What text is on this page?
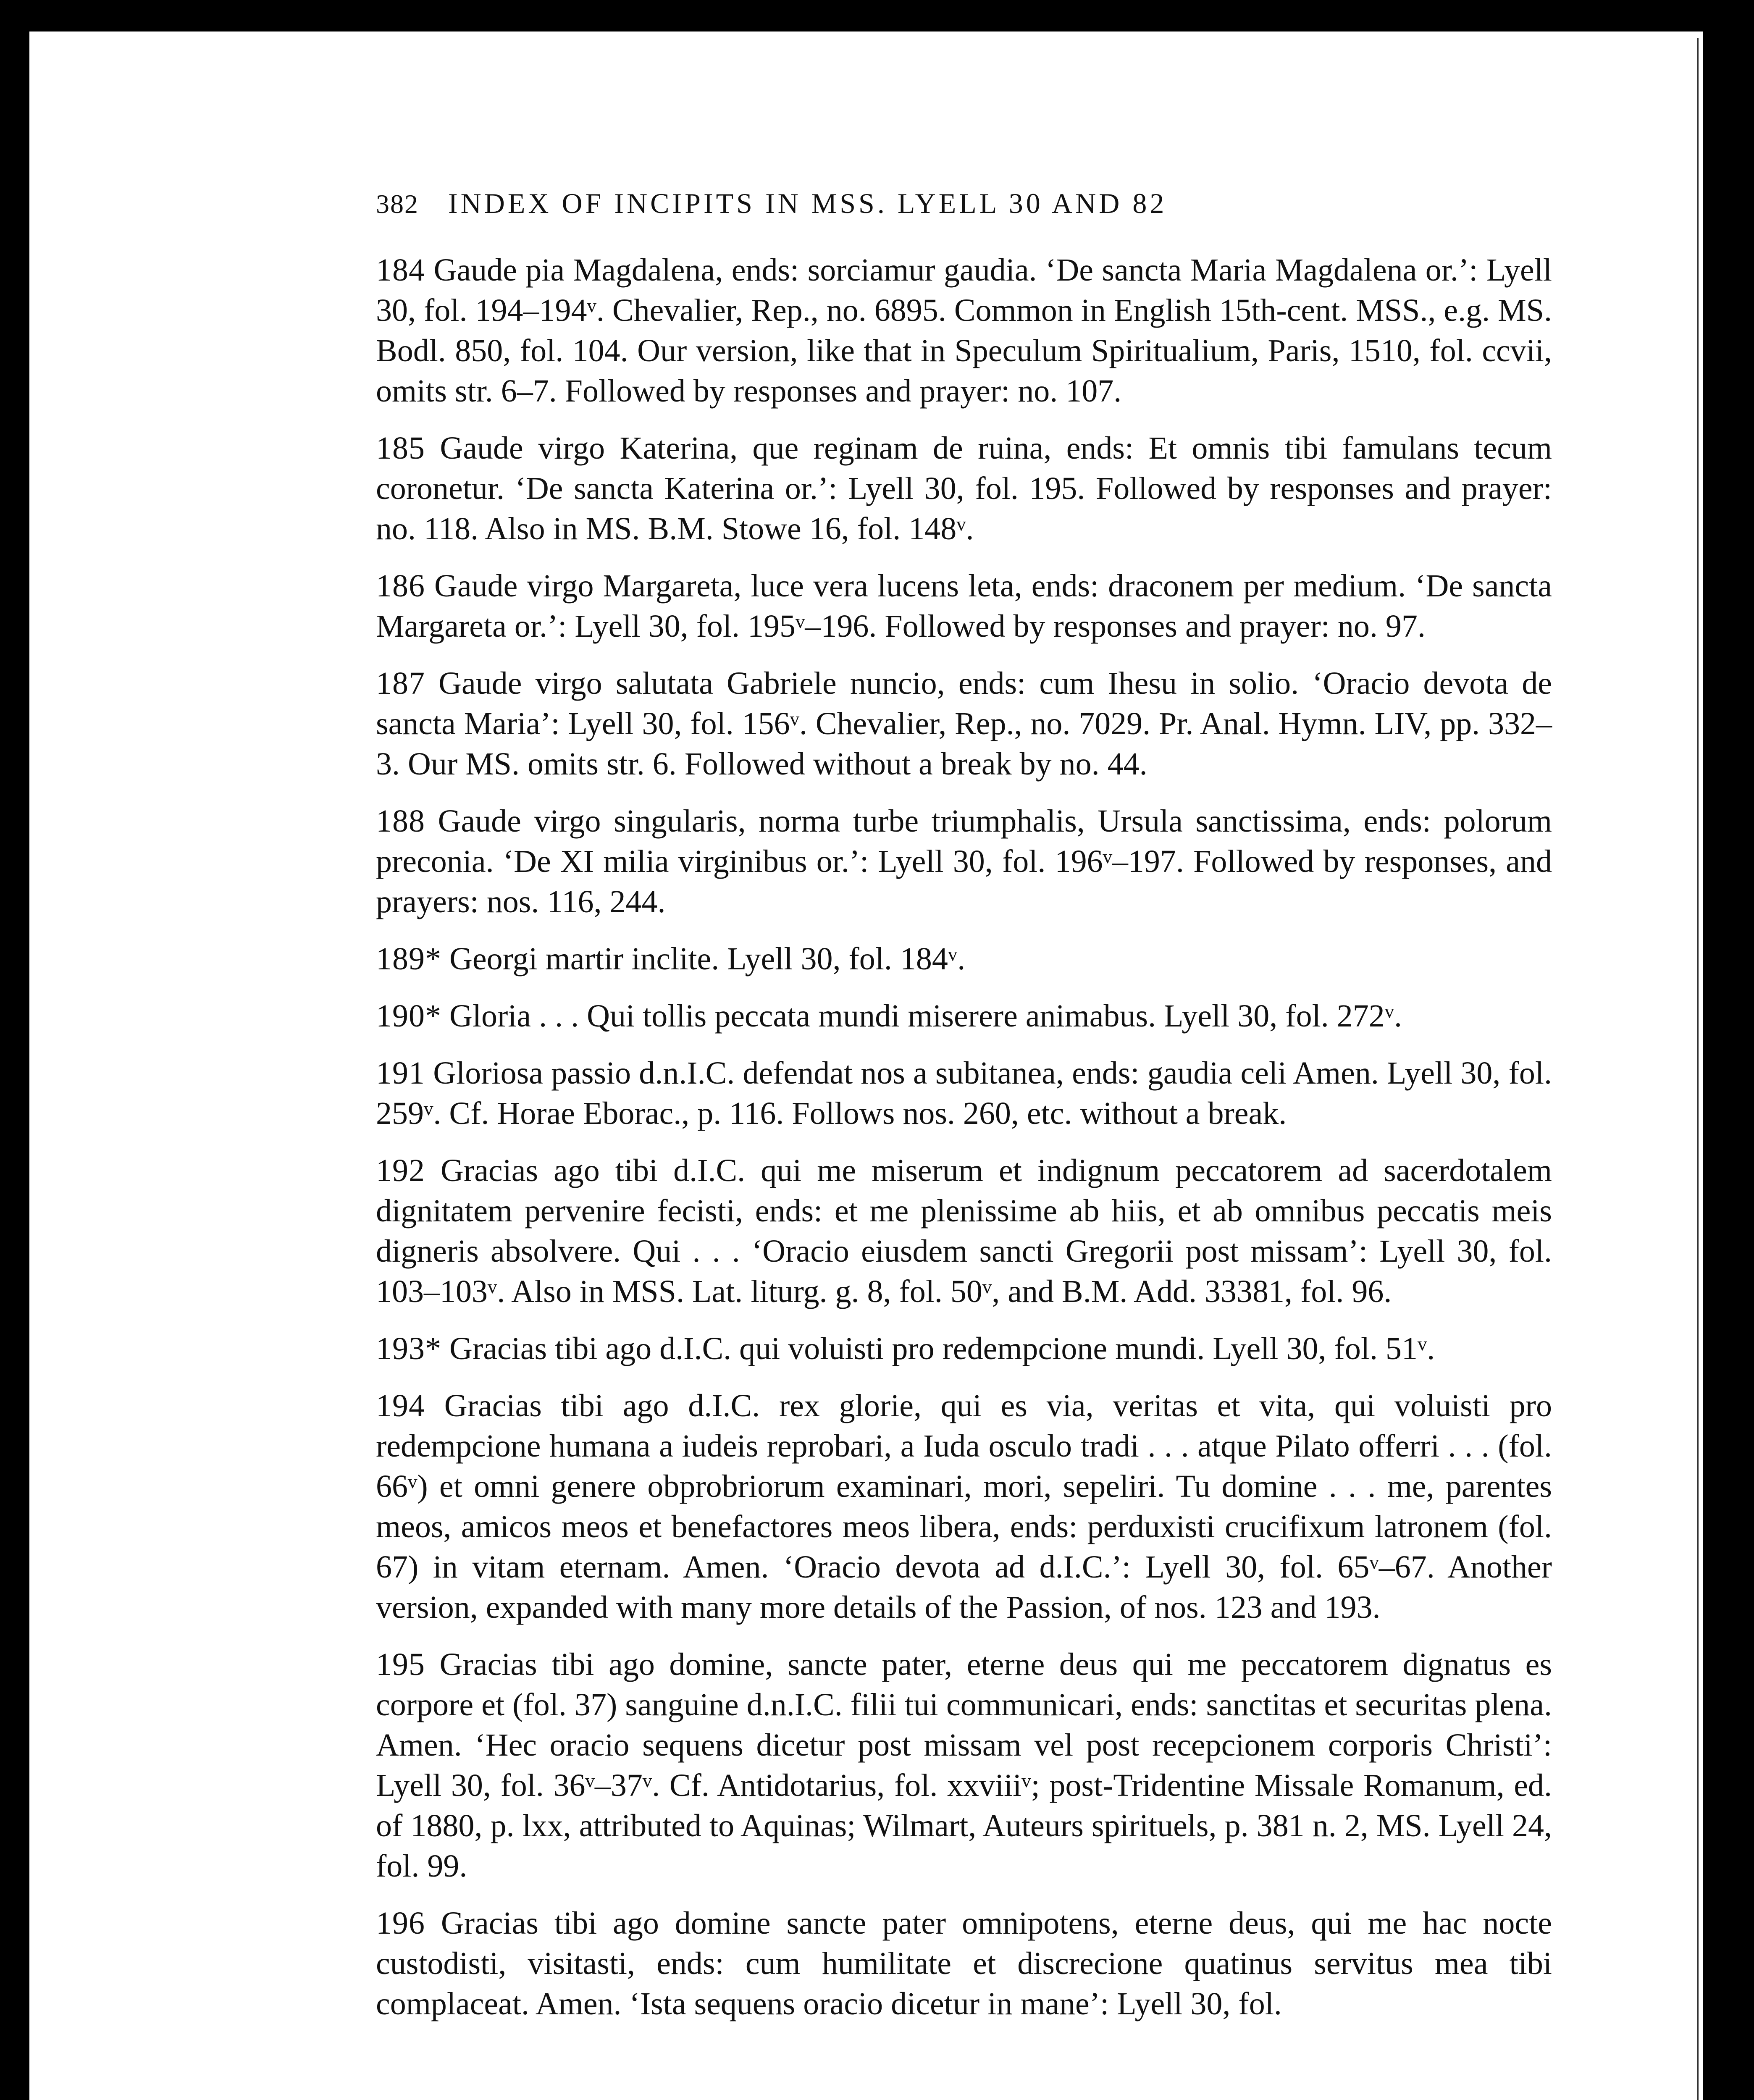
382 INDEX OF INCIPITS IN MSS. LYELL 30 AND 82

184 Gaude pia Magdalena, ends: sorciamur gaudia. ‘De sancta Maria Magdalena or.’: Lyell 30, fol. 194–194ᵛ. Chevalier, Rep., no. 6895. Common in English 15th-cent. MSS., e.g. MS. Bodl. 850, fol. 104. Our version, like that in Speculum Spiritualium, Paris, 1510, fol. ccvii, omits str. 6–7. Followed by responses and prayer: no. 107.

185 Gaude virgo Katerina, que reginam de ruina, ends: Et omnis tibi famulans tecum coronetur. ‘De sancta Katerina or.’: Lyell 30, fol. 195. Followed by responses and prayer: no. 118. Also in MS. B.M. Stowe 16, fol. 148ᵛ.

186 Gaude virgo Margareta, luce vera lucens leta, ends: draconem per medium. ‘De sancta Margareta or.’: Lyell 30, fol. 195ᵛ–196. Followed by responses and prayer: no. 97.

187 Gaude virgo salutata Gabriele nuncio, ends: cum Ihesu in solio. ‘Oracio devota de sancta Maria’: Lyell 30, fol. 156ᵛ. Chevalier, Rep., no. 7029. Pr. Anal. Hymn. LIV, pp. 332–3. Our MS. omits str. 6. Followed without a break by no. 44.

188 Gaude virgo singularis, norma turbe triumphalis, Ursula sanctissima, ends: polorum preconia. ‘De XI milia virginibus or.’: Lyell 30, fol. 196ᵛ–197. Followed by responses, and prayers: nos. 116, 244.

189* Georgi martir inclite. Lyell 30, fol. 184ᵛ.

190* Gloria . . . Qui tollis peccata mundi miserere animabus. Lyell 30, fol. 272ᵛ.

191 Gloriosa passio d.n.I.C. defendat nos a subitanea, ends: gaudia celi Amen. Lyell 30, fol. 259ᵛ. Cf. Horae Eborac., p. 116. Follows nos. 260, etc. without a break.

192 Gracias ago tibi d.I.C. qui me miserum et indignum peccatorem ad sacerdotalem dignitatem pervenire fecisti, ends: et me plenissime ab hiis, et ab omnibus peccatis meis digneris absolvere. Qui . . . ‘Oracio eiusdem sancti Gregorii post missam’: Lyell 30, fol. 103–103ᵛ. Also in MSS. Lat. liturg. g. 8, fol. 50ᵛ, and B.M. Add. 33381, fol. 96.

193* Gracias tibi ago d.I.C. qui voluisti pro redempcione mundi. Lyell 30, fol. 51ᵛ.

194 Gracias tibi ago d.I.C. rex glorie, qui es via, veritas et vita, qui voluisti pro redempcione humana a iudeis reprobari, a Iuda osculo tradi . . . atque Pilato offerri . . . (fol. 66ᵛ) et omni genere obprobriorum examinari, mori, sepeliri. Tu domine . . . me, parentes meos, amicos meos et benefactores meos libera, ends: perduxisti crucifixum latronem (fol. 67) in vitam eternam. Amen. ‘Oracio devota ad d.I.C.’: Lyell 30, fol. 65ᵛ–67. Another version, expanded with many more details of the Passion, of nos. 123 and 193.

195 Gracias tibi ago domine, sancte pater, eterne deus qui me peccatorem dignatus es corpore et (fol. 37) sanguine d.n.I.C. filii tui communicari, ends: sanctitas et securitas plena. Amen. ‘Hec oracio sequens dicetur post missam vel post recepcionem corporis Christi’: Lyell 30, fol. 36ᵛ–37ᵛ. Cf. Antidotarius, fol. xxviiiᵛ; post-Tridentine Missale Romanum, ed. of 1880, p. lxx, attributed to Aquinas; Wilmart, Auteurs spirituels, p. 381 n. 2, MS. Lyell 24, fol. 99.

196 Gracias tibi ago domine sancte pater omnipotens, eterne deus, qui me hac nocte custodisti, visitasti, ends: cum humilitate et discrecione quatinus servitus mea tibi complaceat. Amen. ‘Ista sequens oracio dicetur in mane’: Lyell 30, fol.
